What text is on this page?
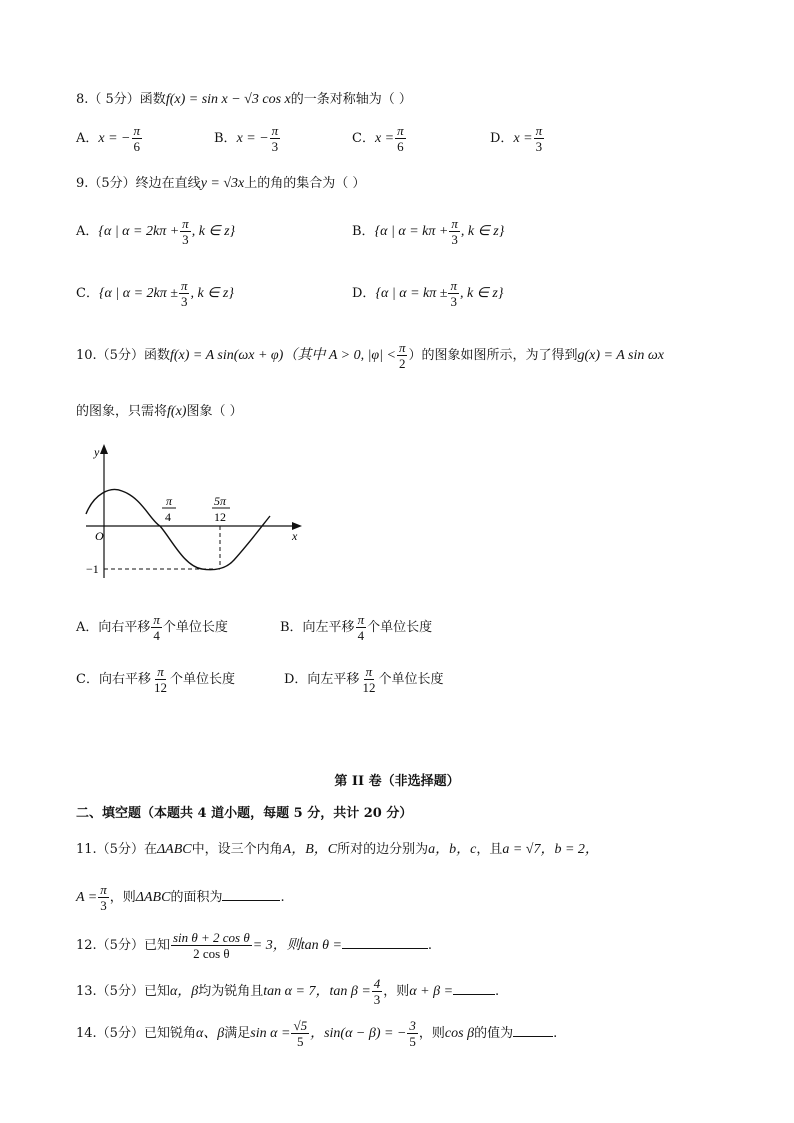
8.（ 5分）函数f(x) = sin x − √3 cos x的一条对称轴为（ ）
A．x = − $\frac{\pi}{6}$	B．x = − $\frac{\pi}{3}$	C．$x = \frac{\pi}{6}$	D．$x = \frac{\pi}{3}$
9.（5分）终边在直线y = √3x上的角的集合为（ ）
A．{α | $\alpha = 2k\pi + \frac{\pi}{3}$ , k ∈ z}	B．{α | $\alpha = k\pi + \frac{\pi}{3}$ , k ∈ z}
C．{α | $\alpha = 2k\pi \pm \frac{\pi}{3}$ , k ∈ z}	D．{α | $\alpha = k\pi \pm \frac{\pi}{3}$ , k ∈ z}
10.（5分）函数f(x) = A sin(ωx + φ)（其中 A > 0, $|\varphi| < \frac{\pi}{2}$ ）的图象如图所示，为了得到g(x) = A sin ωx
的图象，只需将f(x)图象（ ）
y
x
O
−1
π
4
5π
12
A．向右平移 $\frac{\pi}{4}$ 个单位长度	B．向左平移 $\frac{\pi}{4}$ 个单位长度
C．向右平移 $\frac{\pi}{12}$ 个单位长度	D．向左平移 $\frac{\pi}{12}$ 个单位长度
第 II 卷（非选择题）
二、填空题（本题共 4 道小题，每题 5 分，共计 20 分）
11.（5分）在ΔABC中，设三个内角A，B，C所对的边分别为a，b，c，且a = √7，b = 2，
$A = \frac{\pi}{3}$ ，则ΔABC的面积为	.
12.（5分）已知 $\frac{\text{sin θ + 2 cos θ}}{\text{2 cos θ}} = 3$，则tan θ =	.
13.（5分）已知α，β均为锐角且tan α = 7，$\tan \beta = \frac{4}{3}$ ，则α + β =	.
14.（5分）已知锐角α、β满足$\sin \alpha = \frac{√5}{5}$ ，sin(α − β) = − $\frac{3}{5}$ ，则cos β的值为	.
